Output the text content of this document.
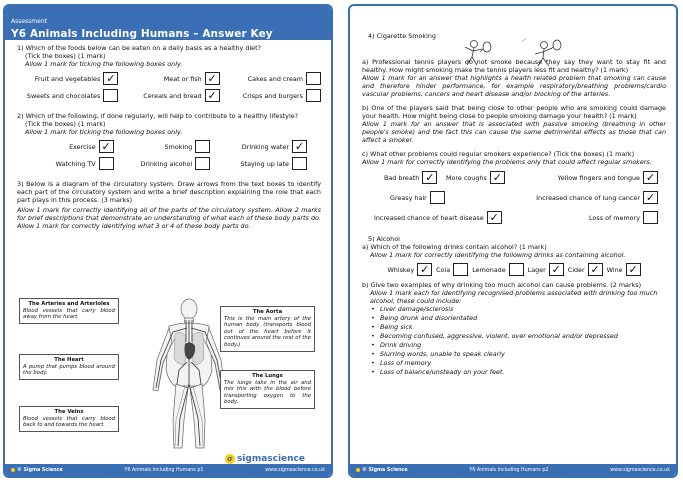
Assessment
Y6 Animals Including Humans – Answer Key

1) Which of the foods below can be eaten on a daily basis as a healthy diet?

(Tick the boxes) (1 mark)

Allow 1 mark for ticking the following boxes only.

Fruit and vegetables ✓	Meat or fish ✓	Cakes and cream
Sweets and chocolates	Cereals and bread ✓	Crisps and burgers

2) Which of the following, if done regularly, will help to contribute to a healthy lifestyle?

(Tick the boxes) (1 mark)

Allow 1 mark for ticking the following boxes only.

Exercise ✓	Smoking	Drinking water ✓
Watching TV	Drinking alcohol	Staying up late

3) Below is a diagram of the circulatory system. Draw arrows from the text boxes to identify each part of the circulatory system and write a brief description explaining the role that each part plays in this process. (3 marks)

Allow 1 mark for correctly identifying all of the parts of the circulatory system. Allow 2 marks for brief descriptions that demonstrate an understanding of what each of these body parts do. Allow 1 mark for correctly identifying what 3 or 4 of these body parts do.

The Arteries and Arterioles
Blood vessels that carry blood away from the heart.
The Heart
A pump that pumps blood around the body.
The Veins
Blood vessels that carry blood back to and towards the heart.
The Aorta
This is the main artery of the human body (transports blood out of the heart before it continues around the rest of the body.)
The Lungs
The lungs take in the air and mix this with the blood before transporting oxygen to the body.
σ sigmascience
© Sigma Science	Y6 Animals Including Humans p1	www.sigmascience.co.uk

4) Cigarette Smoking

a) Professional tennis players do not smoke because they say they want to stay fit and healthy. How might smoking make the tennis players less fit and healthy? (1 mark)

Allow 1 mark for an answer that highlights a health related problem that smoking can cause and therefore hinder performance, for example respiratory/breathing problems/cardio vascular problems, cancers and heart disease and/or blocking of the arteries.

b) One of the players said that being close to other people who are smoking could damage your health. How might being close to people smoking damage your health? (1 mark)

Allow 1 mark for an answer that is associated with passive smoking (breathing in other people's smoke) and the fact this can cause the same detrimental effects as those that can affect a smoker.

c) What other problems could regular smokers experience? (Tick the boxes) (1 mark)

Allow 1 mark for correctly identifying the problems only that could affect regular smokers.

Bad breath ✓	More coughs ✓	Yellow fingers and tongue ✓
Greasy hair	Increased chance of lung cancer ✓
Increased chance of heart disease ✓	Loss of memory

5) Alcohol

a) Which of the following drinks contain alcohol? (1 mark)

Allow 1 mark for correctly identifying the following drinks as containing alcohol.

Whiskey ✓	Cola	Lemonade	Lager ✓	Cider ✓	Wine ✓

b) Give two examples of why drinking too much alcohol can cause problems. (2 marks)

Allow 1 mark each for identifying recognised problems associated with drinking too much alcohol, these could include:

• Liver damage/sclerosis
• Being drunk and disorientated
• Being sick
• Becoming confused, aggressive, violent, over emotional and/or depressed
• Drink driving
• Slurring words, unable to speak clearly
• Loss of memory
• Loss of balance/unsteady on your feet.
© Sigma Science	Y6 Animals Including Humans p2	www.sigmascience.co.uk
